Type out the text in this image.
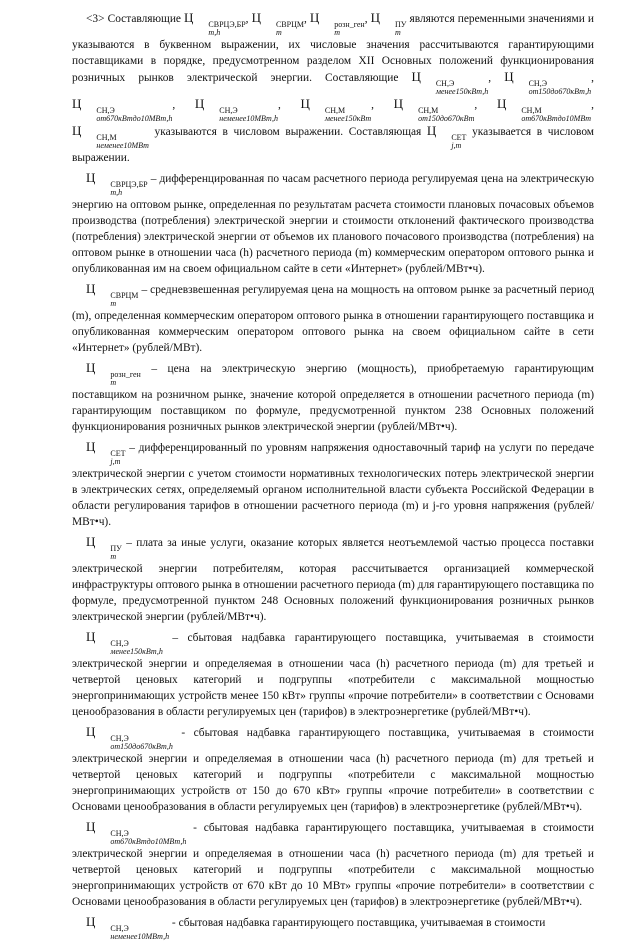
<3> Составляющие Ц	СВРЦЭ,БР
m,h
, Ц	СВРЦМ
m
, Ц	розн_ген
m
, Ц	ПУ
m
являются переменными значениями и указываются в буквенном выражении, их числовые значения рассчитываются гарантирующими поставщиками в порядке, предусмотренном разделом XII Основных положений функционирования розничных рынков электрической энергии. Составляющие Ц	СН,Э
менее150кВт,h
, Ц	СН,Э
от150до670кВт,h
, Ц	СН,Э
от670кВтдо10МВт,h
, Ц	СН,Э
неменее10МВт,h
, Ц	СН,М
менее150кВт
, Ц	СН,М
от150до670кВт
, Ц	СН,М
от670кВтдо10МВт
, Ц	СН,М
неменее10МВт
указываются в числовом выражении. Составляющая Ц	СЕТ
j,m
указывается в числовом выражении.

Ц	СВРЦЭ,БР
m,h
– дифференцированная по часам расчетного периода регулируемая цена на электрическую энергию на оптовом рынке, определенная по результатам расчета стоимости плановых почасовых объемов производства (потребления) электрической энергии и стоимости отклонений фактического производства (потребления) электрической энергии от объемов их планового почасового производства (потребления) на оптовом рынке в отношении часа (h) расчетного периода (m) коммерческим оператором оптового рынка и опубликованная им на своем официальном сайте в сети «Интернет» (рублей/МВт•ч).

Ц	СВРЦМ
m
– средневзвешенная регулируемая цена на мощность на оптовом рынке за расчетный период (m), определенная коммерческим оператором оптового рынка в отношении гарантирующего поставщика и опубликованная коммерческим оператором оптового рынка на своем официальном сайте в сети «Интернет» (рублей/МВт).

Ц	розн_ген
m
– цена на электрическую энергию (мощность), приобретаемую гарантирующим поставщиком на розничном рынке, значение которой определяется в отношении расчетного периода (m) гарантирующим поставщиком по формуле, предусмотренной пунктом 238 Основных положений функционирования розничных рынков электрической энергии (рублей/МВт•ч).

Ц	СЕТ
j,m
– дифференцированный по уровням напряжения одноставочный тариф на услуги по передаче электрической энергии с учетом стоимости нормативных технологических потерь электрической энергии в электрических сетях, определяемый органом исполнительной власти субъекта Российской Федерации в области регулирования тарифов в отношении расчетного периода (m) и j-го уровня напряжения (рублей/МВт•ч).

Ц	ПУ
m
– плата за иные услуги, оказание которых является неотъемлемой частью процесса поставки электрической энергии потребителям, которая рассчитывается организацией коммерческой инфраструктуры оптового рынка в отношении расчетного периода (m) для гарантирующего поставщика по формуле, предусмотренной пунктом 248 Основных положений функционирования розничных рынков электрической энергии (рублей/МВт•ч).

Ц	СН,Э
менее150кВт,h
– сбытовая надбавка гарантирующего поставщика, учитываемая в стоимости электрической энергии и определяемая в отношении часа (h) расчетного периода (m) для третьей и четвертой ценовых категорий и подгруппы «потребители с максимальной мощностью энергопринимающих устройств менее 150 кВт» группы «прочие потребители» в соответствии с Основами ценообразования в области регулируемых цен (тарифов) в электроэнергетике (рублей/МВт•ч).

Ц	СН,Э
от150до670кВт,h
- сбытовая надбавка гарантирующего поставщика, учитываемая в стоимости электрической энергии и определяемая в отношении часа (h) расчетного периода (m) для третьей и четвертой ценовых категорий и подгруппы «потребители с максимальной мощностью энергопринимающих устройств от 150 до 670 кВт» группы «прочие потребители» в соответствии с Основами ценообразования в области регулируемых цен (тарифов) в электроэнергетике (рублей/МВт•ч).

Ц	СН,Э
от670кВтдо10МВт,h
- сбытовая надбавка гарантирующего поставщика, учитываемая в стоимости электрической энергии и определяемая в отношении часа (h) расчетного периода (m) для третьей и четвертой ценовых категорий и подгруппы «потребители с максимальной мощностью энергопринимающих устройств от 670 кВт до 10 МВт» группы «прочие потребители» в соответствии с Основами ценообразования в области регулируемых цен (тарифов) в электроэнергетике (рублей/МВт•ч).

Ц	СН,Э
неменее10МВт,h
- сбытовая надбавка гарантирующего поставщика, учитываемая в стоимости
